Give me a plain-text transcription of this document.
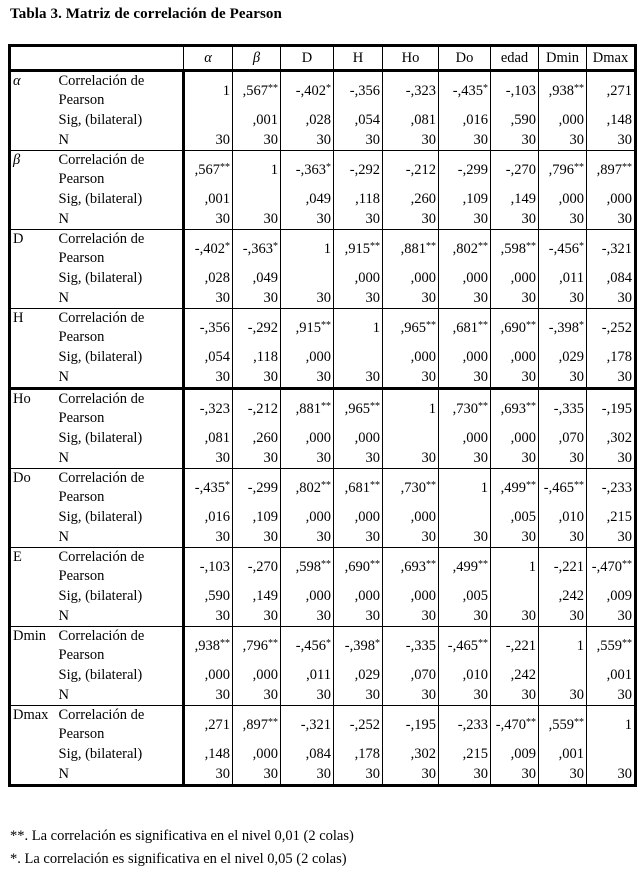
Tabla 3. Matriz de correlación de Pearson
		α	β	D	H	Ho	Do	edad	Dmin	Dmax
α	Correlación de Pearson	1	,567**	-,402*	-,356	-,323	-,435*	-,103	,938**	,271
	Sig, (bilateral)		,001	,028	,054	,081	,016	,590	,000	,148
	N	30	30	30	30	30	30	30	30	30
β	Correlación de Pearson	,567**	1	-,363*	-,292	-,212	-,299	-,270	,796**	,897**
	Sig, (bilateral)	,001		,049	,118	,260	,109	,149	,000	,000
	N	30	30	30	30	30	30	30	30	30
D	Correlación de Pearson	-,402*	-,363*	1	,915**	,881**	,802**	,598**	-,456*	-,321
	Sig, (bilateral)	,028	,049		,000	,000	,000	,000	,011	,084
	N	30	30	30	30	30	30	30	30	30
H	Correlación de Pearson	-,356	-,292	,915**	1	,965**	,681**	,690**	-,398*	-,252
	Sig, (bilateral)	,054	,118	,000		,000	,000	,000	,029	,178
	N	30	30	30	30	30	30	30	30	30
Ho	Correlación de Pearson	-,323	-,212	,881**	,965**	1	,730**	,693**	-,335	-,195
	Sig, (bilateral)	,081	,260	,000	,000		,000	,000	,070	,302
	N	30	30	30	30	30	30	30	30	30
Do	Correlación de Pearson	-,435*	-,299	,802**	,681**	,730**	1	,499**	-,465**	-,233
	Sig, (bilateral)	,016	,109	,000	,000	,000		,005	,010	,215
	N	30	30	30	30	30	30	30	30	30
E	Correlación de Pearson	-,103	-,270	,598**	,690**	,693**	,499**	1	-,221	-,470**
	Sig, (bilateral)	,590	,149	,000	,000	,000	,005		,242	,009
	N	30	30	30	30	30	30	30	30	30
Dmin	Correlación de Pearson	,938**	,796**	-,456*	-,398*	-,335	-,465**	-,221	1	,559**
	Sig, (bilateral)	,000	,000	,011	,029	,070	,010	,242		,001
	N	30	30	30	30	30	30	30	30	30
Dmax	Correlación de Pearson	,271	,897**	-,321	-,252	-,195	-,233	-,470**	,559**	1
	Sig, (bilateral)	,148	,000	,084	,178	,302	,215	,009	,001	
	N	30	30	30	30	30	30	30	30	30
**. La correlación es significativa en el nivel 0,01 (2 colas)
*. La correlación es significativa en el nivel 0,05 (2 colas)
